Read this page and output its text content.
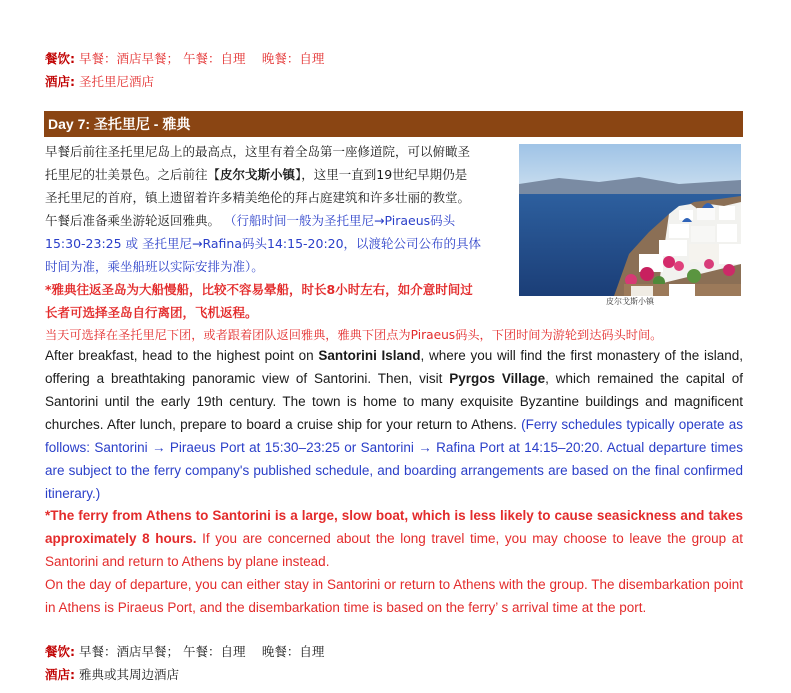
餐饮: 早餐：酒店早餐； 午餐：自理　 晚餐：自理
酒店: 圣托里尼酒店
Day 7: 圣托里尼 - 雅典
早餐后前往圣托里尼岛上的最高点，这里有着全岛第一座修道院，可以俯瞰圣
托里尼的壮美景色。之后前往【皮尔戈斯小镇】，这里一直到19世纪早期仍是
圣托里尼的首府，镇上遗留着许多精美绝伦的拜占庭建筑和许多壮丽的教堂。
午餐后准备乘坐游轮返回雅典。 （行船时间一般为圣托里尼→Piraeus码头
15:30-23:25 或 圣托里尼→Rafina码头14:15-20:20，以渡轮公司公布的具体
时间为准，乘坐船班以实际安排为准）。
*雅典往返圣岛为大船慢船，比较不容易晕船，时长8小时左右，如介意时间过
长者可选择圣岛自行离团，飞机返程。
当天可选择在圣托里尼下团，或者跟着团队返回雅典，雅典下团点为Piraeus码头，下团时间为游轮到达码头时间。
皮尔戈斯小镇
After breakfast, head to the highest point on Santorini Island, where you will find the first monastery of the island, offering a breathtaking panoramic view of Santorini. Then, visit Pyrgos Village, which remained the capital of Santorini until the early 19th century. The town is home to many exquisite Byzantine buildings and magnificent churches. After lunch, prepare to board a cruise ship for your return to Athens. (Ferry schedules typically operate as follows: Santorini → Piraeus Port at 15:30–23:25 or Santorini → Rafina Port at 14:15–20:20. Actual departure times are subject to the ferry company's published schedule, and boarding arrangements are based on the final confirmed itinerary.)
*The ferry from Athens to Santorini is a large, slow boat, which is less likely to cause seasickness and takes approximately 8 hours. If you are concerned about the long travel time, you may choose to leave the group at Santorini and return to Athens by plane instead.
On the day of departure, you can either stay in Santorini or return to Athens with the group. The disembarkation point in Athens is Piraeus Port, and the disembarkation time is based on the ferry’ s arrival time at the port.
餐饮: 早餐：酒店早餐； 午餐：自理　 晚餐：自理
酒店: 雅典或其周边酒店
